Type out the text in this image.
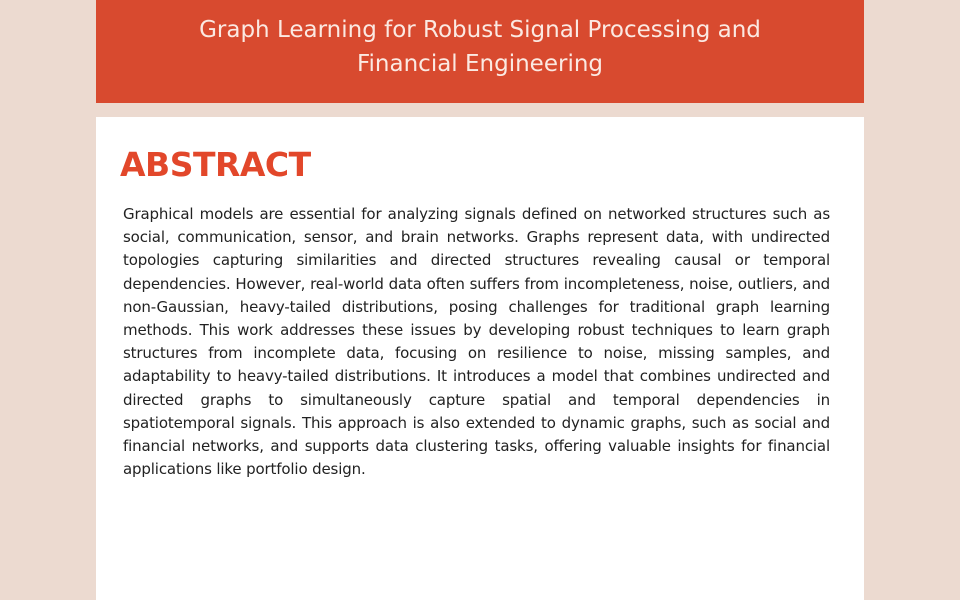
Graph Learning for Robust Signal Processing and Financial Engineering
ABSTRACT

Graphical models are essential for analyzing signals defined on networked structures such as social, communication, sensor, and brain networks. Graphs represent data, with undirected topologies capturing similarities and directed structures revealing causal or temporal dependencies. However, real-world data often suffers from incompleteness, noise, outliers, and non-Gaussian, heavy-tailed distributions, posing challenges for traditional graph learning methods. This work addresses these issues by developing robust techniques to learn graph structures from incomplete data, focusing on resilience to noise, missing samples, and adaptability to heavy-tailed distributions. It introduces a model that combines undirected and directed graphs to simultaneously capture spatial and temporal dependencies in spatiotemporal signals. This approach is also extended to dynamic graphs, such as social and financial networks, and supports data clustering tasks, offering valuable insights for financial applications like portfolio design.
